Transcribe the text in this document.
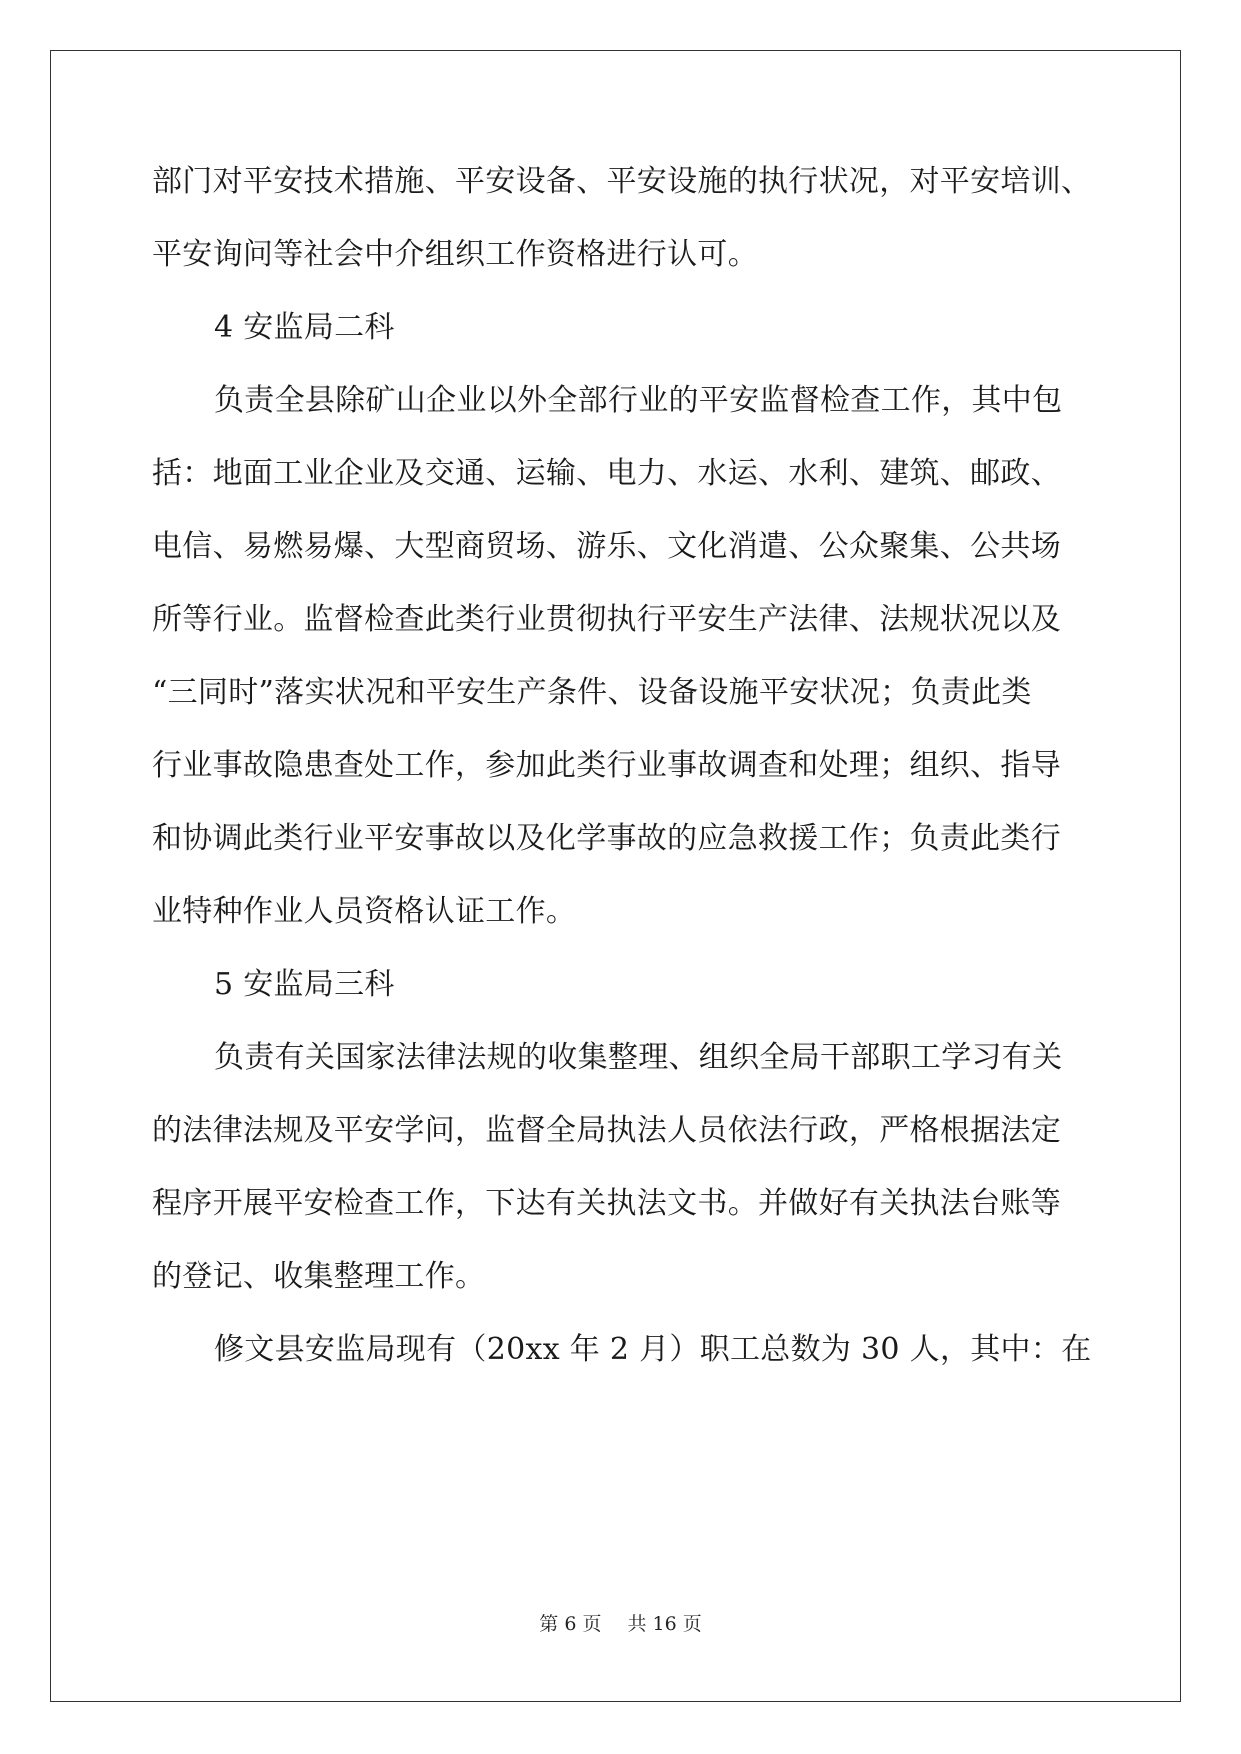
部门对平安技术措施、平安设备、平安设施的执行状况，对平安培训、
平安询问等社会中介组织工作资格进行认可。
4 安监局二科
负责全县除矿山企业以外全部行业的平安监督检查工作，其中包
括：地面工业企业及交通、运输、电力、水运、水利、建筑、邮政、
电信、易燃易爆、大型商贸场、游乐、文化消遣、公众聚集、公共场
所等行业。监督检查此类行业贯彻执行平安生产法律、法规状况以及
“三同时”落实状况和平安生产条件、设备设施平安状况；负责此类
行业事故隐患查处工作，参加此类行业事故调查和处理；组织、指导
和协调此类行业平安事故以及化学事故的应急救援工作；负责此类行
业特种作业人员资格认证工作。
5 安监局三科
负责有关国家法律法规的收集整理、组织全局干部职工学习有关
的法律法规及平安学问，监督全局执法人员依法行政，严格根据法定
程序开展平安检查工作，下达有关执法文书。并做好有关执法台账等
的登记、收集整理工作。
修文县安监局现有（20xx 年 2 月）职工总数为 30 人，其中：在
第 6 页 共 16 页
